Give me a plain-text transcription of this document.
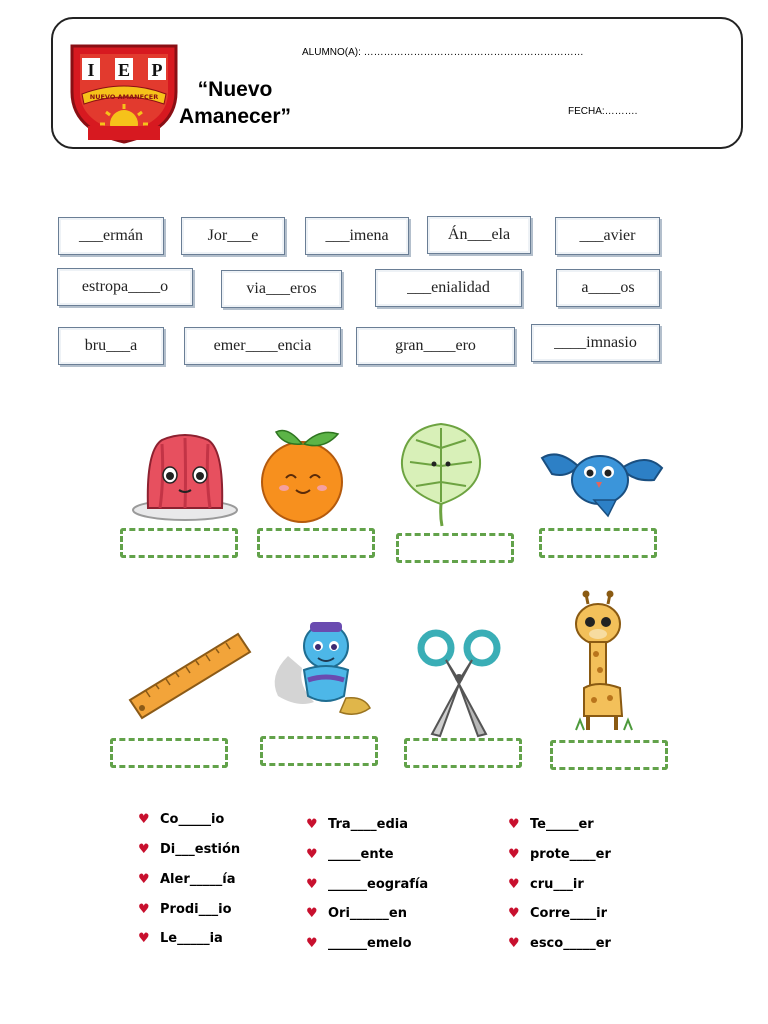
I E P
NUEVO AMANECER	“Nuevo
Amanecer”
ALUMNO(A): …………………………………………………………
FECHA:……….
___ermán	Jor___e	___imena	Án___ela	___avier
estropa____o	via___eros	___enialidad	a____os
bru___a	emer____encia	gran____ero	____imnasio
♥ Co_____io
♥ Di___estión
♥ Aler_____ía
♥ Prodi___io
♥ Le_____ia
♥ Tra____edia
♥ _____ente
♥ ______eografía
♥ Ori______en
♥ ______emelo
♥ Te_____er
♥ prote____er
♥ cru___ir
♥ Corre____ir
♥ esco_____er
